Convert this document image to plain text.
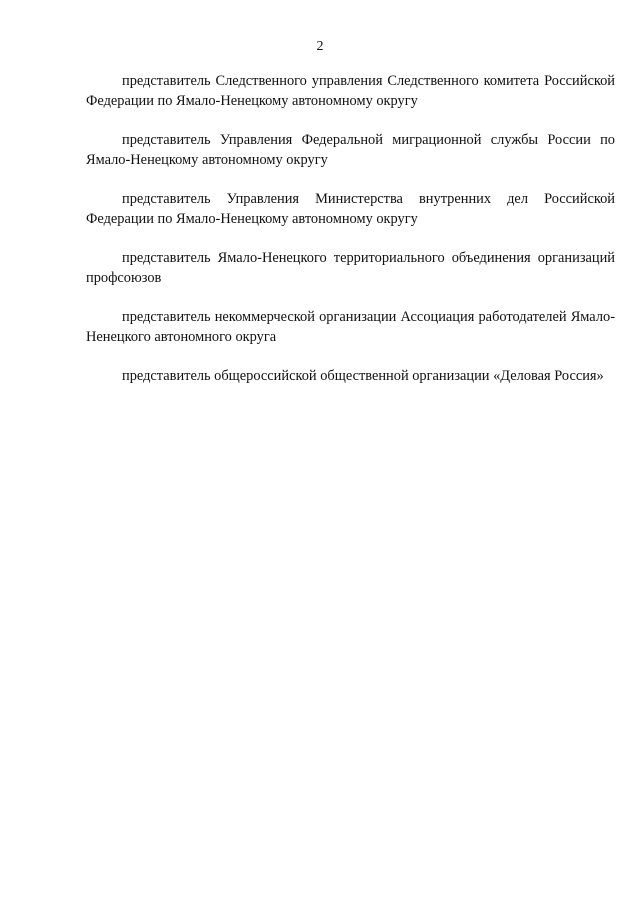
2

представитель Следственного управления Следственного комитета Российской Федерации по Ямало-Ненецкому автономному округу

представитель Управления Федеральной миграционной службы России по Ямало-Ненецкому автономному округу

представитель Управления Министерства внутренних дел Российской Федерации по Ямало-Ненецкому автономному округу

представитель Ямало-Ненецкого территориального объединения организаций профсоюзов

представитель некоммерческой организации Ассоциация работодателей Ямало-Ненецкого автономного округа

представитель общероссийской общественной организации «Деловая Россия»
